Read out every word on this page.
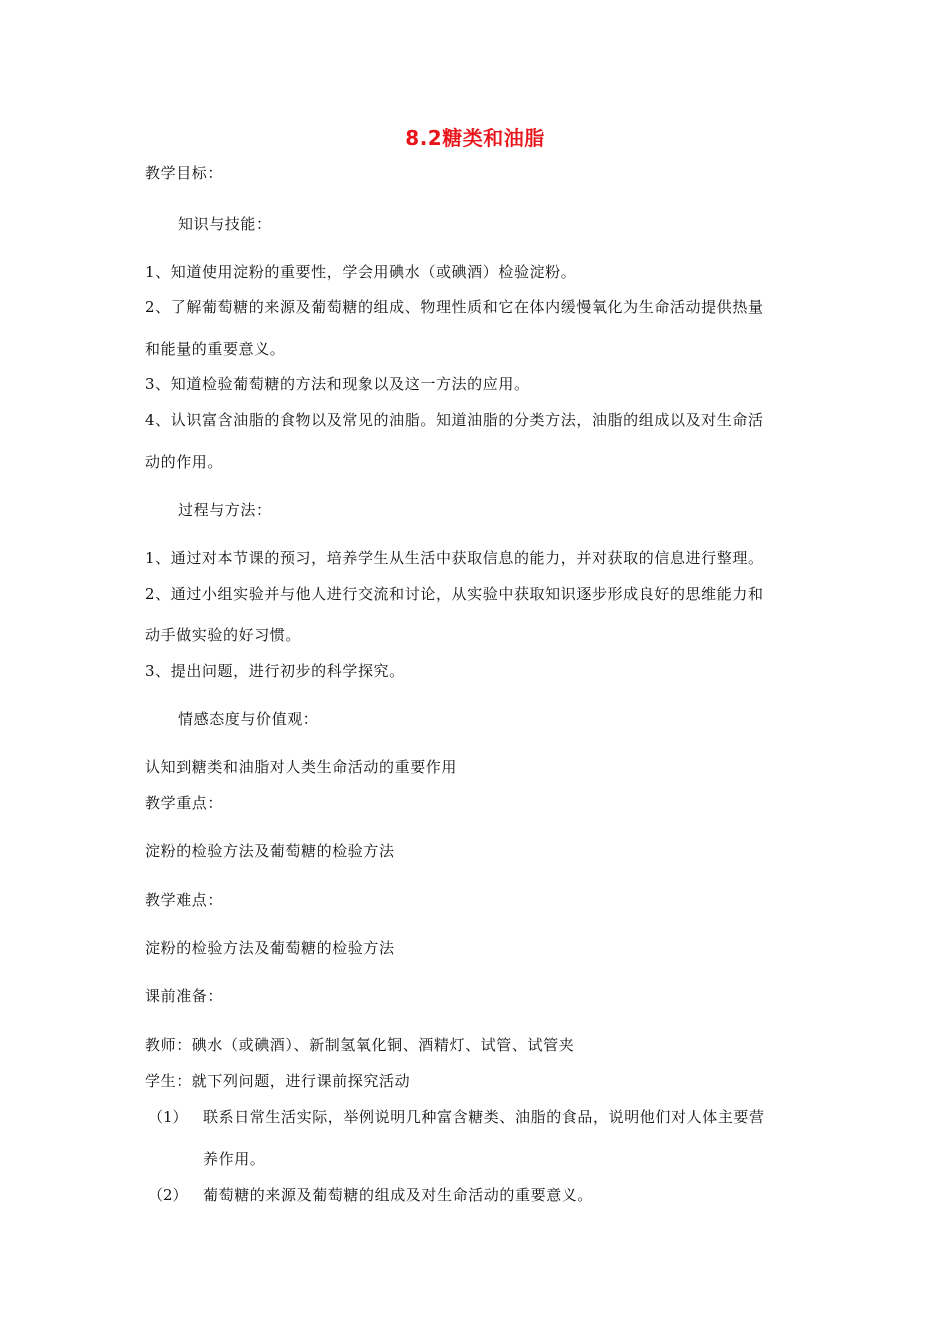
8.2糖类和油脂
教学目标：
知识与技能：
1、知道使用淀粉的重要性，学会用碘水（或碘酒）检验淀粉。
2、了解葡萄糖的来源及葡萄糖的组成、物理性质和它在体内缓慢氧化为生命活动提供热量
和能量的重要意义。
3、知道检验葡萄糖的方法和现象以及这一方法的应用。
4、认识富含油脂的食物以及常见的油脂。知道油脂的分类方法，油脂的组成以及对生命活
动的作用。
过程与方法：
1、通过对本节课的预习，培养学生从生活中获取信息的能力，并对获取的信息进行整理。
2、通过小组实验并与他人进行交流和讨论，从实验中获取知识逐步形成良好的思维能力和
动手做实验的好习惯。
3、提出问题，进行初步的科学探究。
情感态度与价值观：
认知到糖类和油脂对人类生命活动的重要作用
教学重点：
淀粉的检验方法及葡萄糖的检验方法
教学难点：
淀粉的检验方法及葡萄糖的检验方法
课前准备：
教师：碘水（或碘酒）、新制氢氧化铜、酒精灯、试管、试管夹
学生：就下列问题，进行课前探究活动
（1） 联系日常生活实际，举例说明几种富含糖类、油脂的食品，说明他们对人体主要营
养作用。
（2） 葡萄糖的来源及葡萄糖的组成及对生命活动的重要意义。
